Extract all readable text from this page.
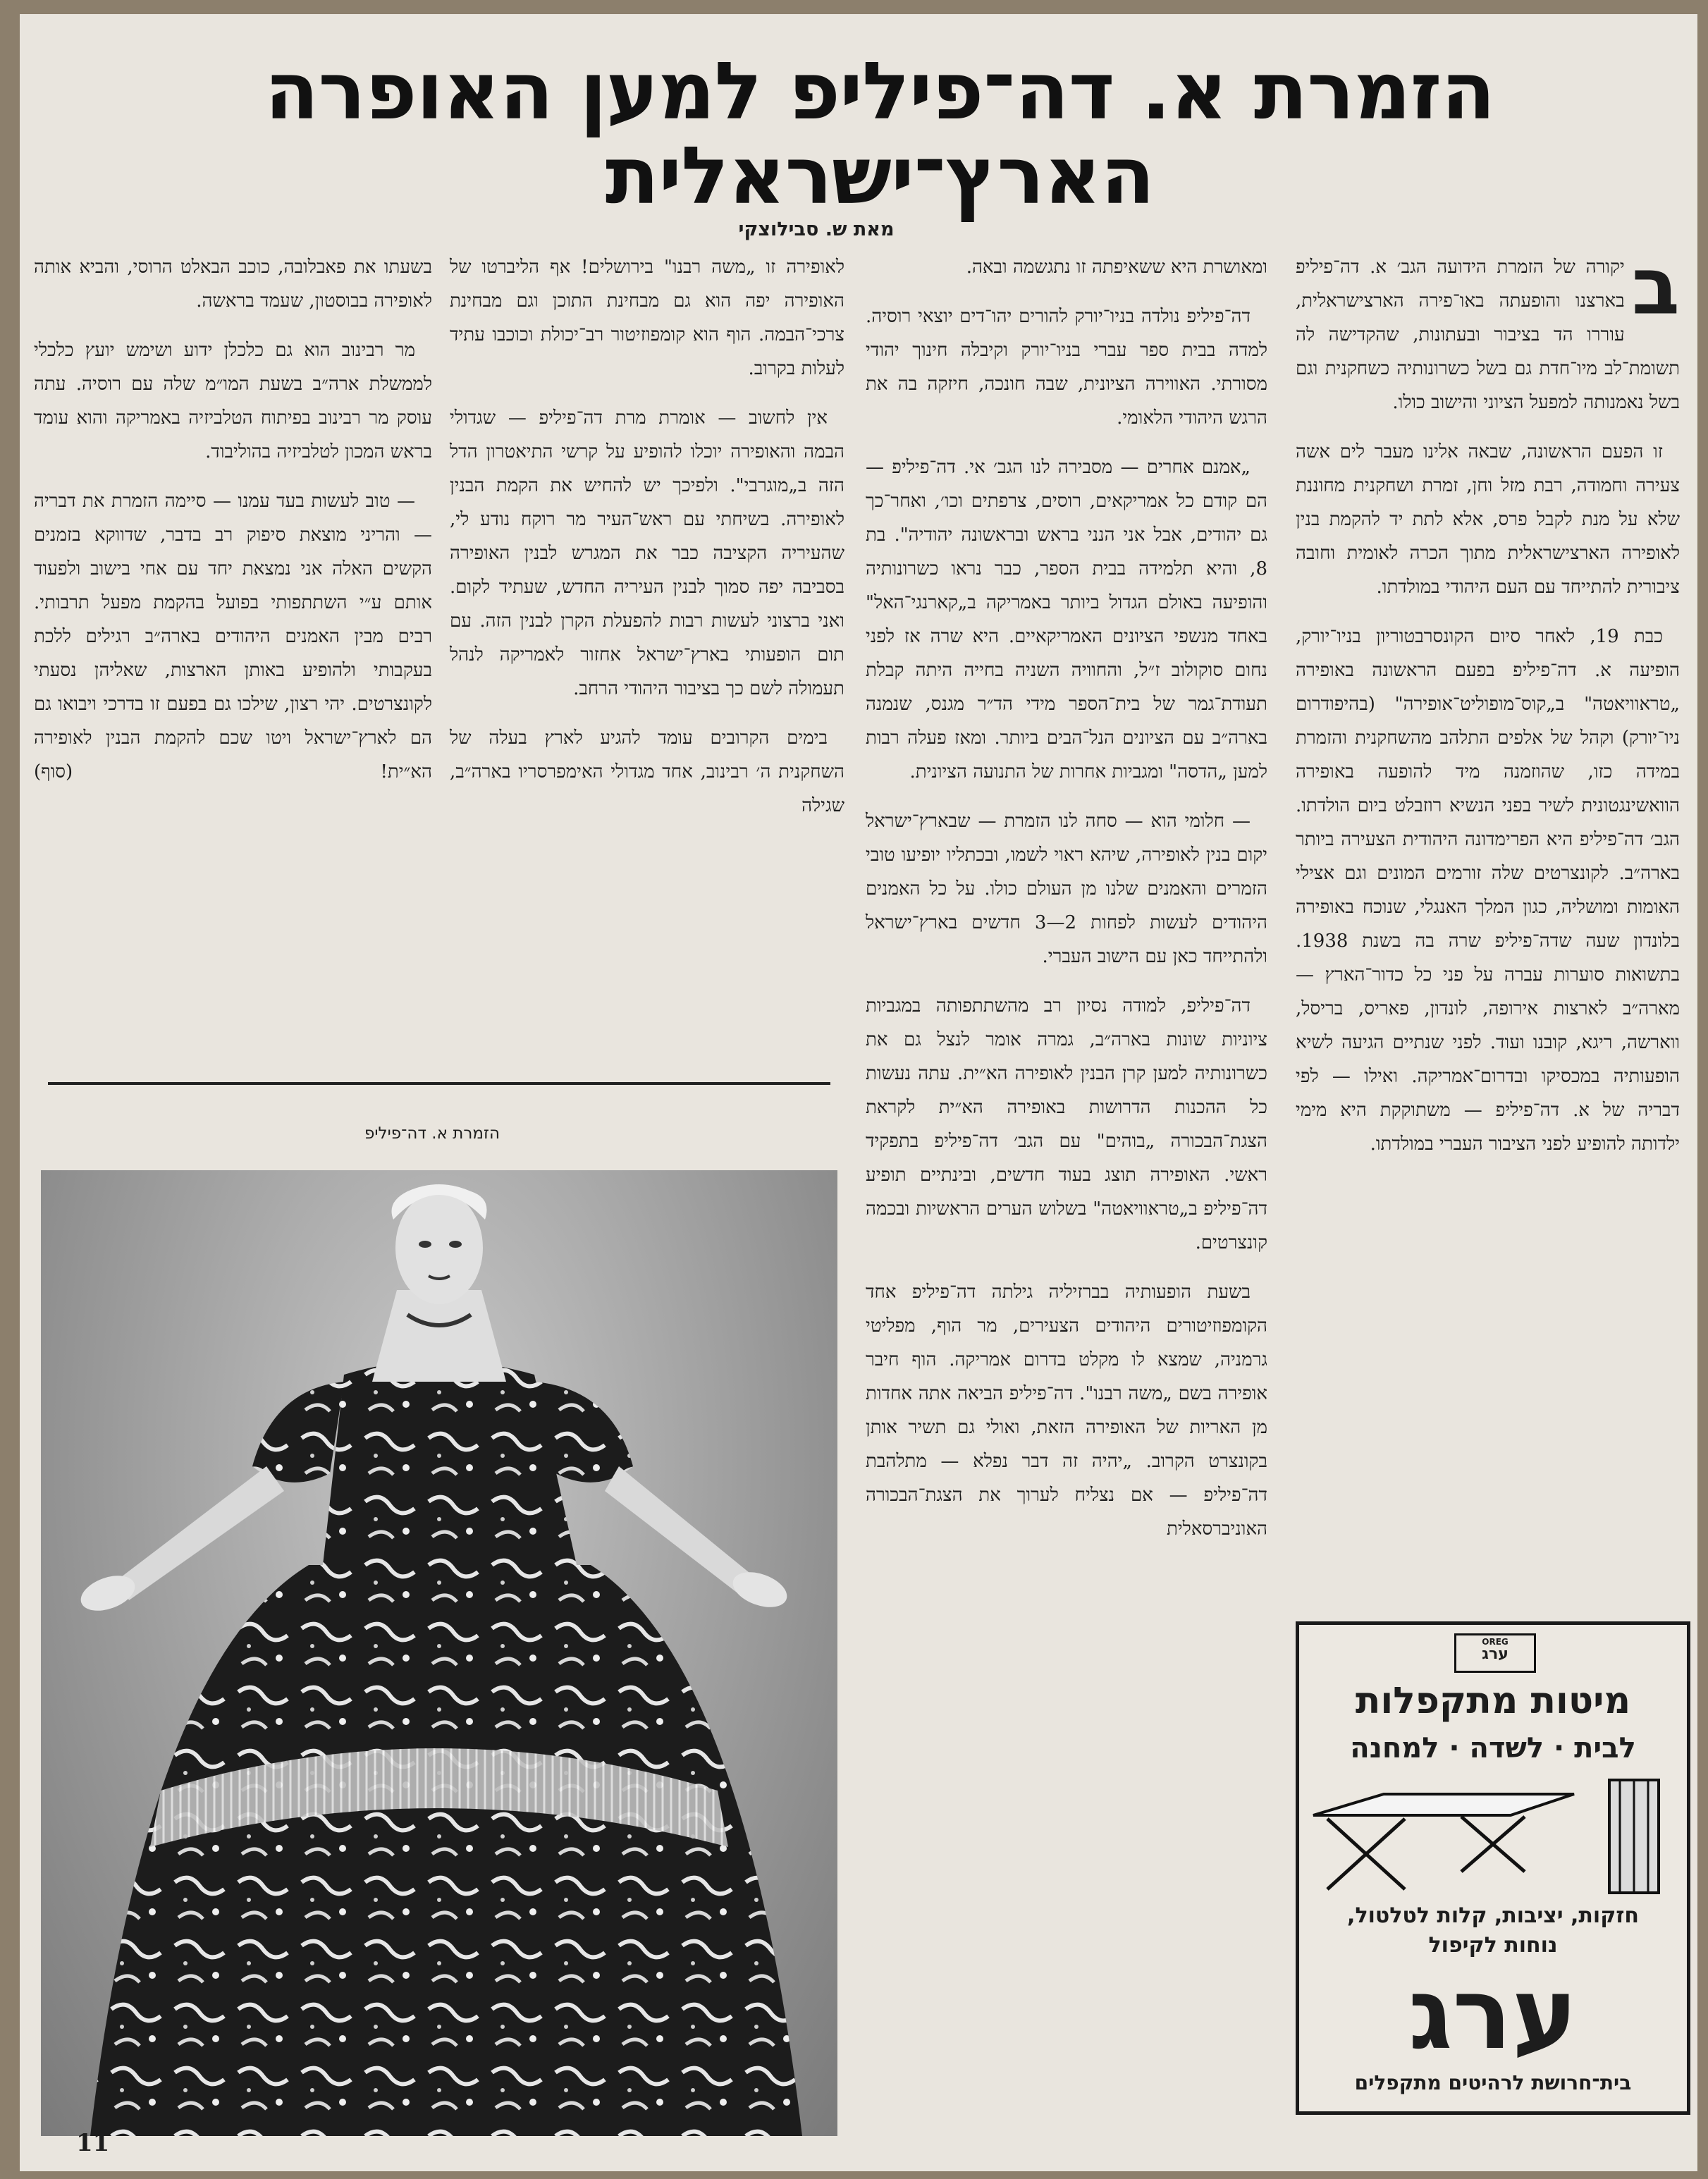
הזמרת א. דה־פיליפ למען האופרה
הארץ־ישראלית
מאת ש. סבילוצקי

ב
יקורה של הזמרת הידועה הגב׳ א. דה־פיליפ בארצנו והופעתה באו־פירה הארצישראלית, עוררו הד בציבור ובעתונות, שהקדישה לה תשומת־לב מיו־חדת גם בשל כשרונותיה כשחקנית וגם בשל נאמנותה למפעל הציוני והישוב כולו.

זו הפעם הראשונה, שבאה אלינו מעבר לים אשה צעירה וחמודה, רבת מזל וחן, זמרת ושחקנית מחוננת שלא על מנת לקבל פרס, אלא לתת יד להקמת בנין לאופירה הארצישראלית מתוך הכרה לאומית וחובה ציבורית להתייחד עם העם היהודי במולדתו.

כבת 19, לאחר סיום הקונסרבטוריון בניו־יורק, הופיעה א. דה־פיליפ בפעם הראשונה באופירה „טראוויאטה" ב„קוס־מופוליט־אופירה" (בהיפודרום ניו־יורק) וקהל של אלפים התלהב מהשחקנית והזמרת במידה כזו, שהוזמנה מיד להופעה באופירה הוואשינגטונית לשיר בפני הנשיא רוזבלט ביום הולדתו. הגב׳ דה־פיליפ היא הפרימדונה היהודית הצעירה ביותר בארה״ב. לקונצרטים שלה זורמים המונים וגם אצילי האומות ומושליה, כגון המלך האנגלי, שנוכח באופירה בלונדון שעה שדה־פיליפ שרה בה בשנת 1938. בתשואות סוערות עברה על פני כל כדור־הארץ — מארה״ב לארצות אירופה, לונדון, פאריס, בריסל, ווארשה, ריגא, קובנו ועוד. לפני שנתיים הגיעה לשיא הופעותיה במכסיקו ובדרום־אמריקה. ואילו — לפי דבריה של א. דה־פיליפ — משתוקקת היא מימי ילדותה להופיע לפני הציבור העברי במולדתו.

ומאושרת היא ששאיפתה זו נתגשמה ובאה.

דה־פיליפ נולדה בניו־יורק להורים יהו־דים יוצאי רוסיה. למדה בבית ספר עברי בניו־יורק וקיבלה חינוך יהודי מסורתי. האווירה הציונית, שבה חונכה, חיזקה בה את הרגש היהודי הלאומי.

„אמנם אחרים — מסבירה לנו הגב׳ אי. דה־פיליפ — הם קודם כל אמריקאים, רוסים, צרפתים וכו׳, ואחר־כך גם יהודים, אבל אני הנני בראש ובראשונה יהודיה". בת 8, והיא תלמידה בבית הספר, כבר נראו כשרונותיה והופיעה באולם הגדול ביותר באמריקה ב„קארנגי־האל" באחד מנשפי הציונים האמריקאיים. היא שרה אז לפני נחום סוקולוב ז״ל, והחוויה השניה בחייה היתה קבלת תעודת־גמר של בית־הספר מידי הד״ר מגנס, שנמנה בארה״ב עם הציונים הנל־הבים ביותר. ומאז פעלה רבות למען „הדסה" ומגביות אחרות של התנועה הציונית.

— חלומי הוא — סחה לנו הזמרת — שבארץ־ישראל יקום בנין לאופירה, שיהא ראוי לשמו, ובכתליו יופיעו טובי הזמרים והאמנים שלנו מן העולם כולו. על כל האמנים היהודים לעשות לפחות 2—3 חדשים בארץ־ישראל ולהתייחד כאן עם הישוב העברי.

דה־פיליפ, למודה נסיון רב מהשתתפותה במגביות ציוניות שונות בארה״ב, גמרה אומר לנצל גם את כשרונותיה למען קרן הבנין לאופירה הא״ית. עתה נעשות כל ההכנות הדרושות באופירה הא״ית לקראת הצגת־הבכורה „בוהים" עם הגב׳ דה־פיליפ בתפקיד ראשי. האופירה תוצג בעוד חדשים, ובינתיים תופיע דה־פיליפ ב„טראוויאטה" בשלוש הערים הראשיות ובכמה קונצרטים.

בשעת הופעותיה בברזיליה גילתה דה־פיליפ אחד הקומפוזיטורים היהודים הצעירים, מר הוף, מפליטי גרמניה, שמצא לו מקלט בדרום אמריקה. הוף חיבר אופירה בשם „משה רבנו". דה־פיליפ הביאה אתה אחדות מן האריות של האופירה הזאת, ואולי גם תשיר אותן בקונצרט הקרוב. „יהיה זה דבר נפלא — מתלהבת דה־פיליפ — אם נצליח לערוך את הצגת־הבכורה האוניברסאלית

לאופירה זו „משה רבנו" בירושלים! אף הליברטו של האופירה יפה הוא גם מבחינת התוכן וגם מבחינת צרכי־הבמה. הוף הוא קומפוזיטור רב־יכולת וכוכבו עתיד לעלות בקרוב.

אין לחשוב — אומרת מרת דה־פיליפ — שגדולי הבמה והאופירה יוכלו להופיע על קרשי התיאטרון הדל הזה ב„מוגרבי". ולפיכך יש להחיש את הקמת הבנין לאופירה. בשיחתי עם ראש־העיר מר רוקח נודע לי, שהעיריה הקציבה כבר את המגרש לבנין האופירה בסביבה יפה סמוך לבנין העיריה החדש, שעתיד לקום. ואני ברצוני לעשות רבות להפעלת הקרן לבנין הזה. עם תום הופעותי בארץ־ישראל אחזור לאמריקה לנהל תעמולה לשם כך בציבור היהודי הרחב.

בימים הקרובים עומד להגיע לארץ בעלה של השחקנית ה׳ רבינוב, אחד מגדולי האימפרסריו בארה״ב, שגילה

בשעתו את פאבלובה, כוכב הבאלט הרוסי, והביא אותה לאופירה בבוסטון, שעמד בראשה.

מר רבינוב הוא גם כלכלן ידוע ושימש יועץ כלכלי לממשלת ארה״ב בשעת המו״מ שלה עם רוסיה. עתה עוסק מר רבינוב בפיתוח הטלביזיה באמריקה והוא עומד בראש המכון לטלביזיה בהוליבוד.

— טוב לעשות בעד עמנו — סיימה הזמרת את דבריה — והריני מוצאת סיפוק רב בדבר, שדווקא בזמנים הקשים האלה אני נמצאת יחד עם אחי בישוב ולפעוד אותם ע״י השתתפותי בפועל בהקמת מפעל תרבותי. רבים מבין האמנים היהודים בארה״ב רגילים ללכת בעקבותי ולהופיע באותן הארצות, שאליהן נסעתי לקונצרטים. יהי רצון, שילכו גם בפעם זו בדרכי ויבואו גם הם לארץ־ישראל ויטו שכם להקמת הבנין לאופירה הא״ית!
(סוף)

הזמרת א. דה־פיליפ
OREG
ערג
מיטות מתקפלות
לבית · לשדה · למחנה
חזקות, יציבות, קלות לטלטול,
נוחות לקיפול
ערג
בית־חרושת לרהיטים מתקפלים
11
